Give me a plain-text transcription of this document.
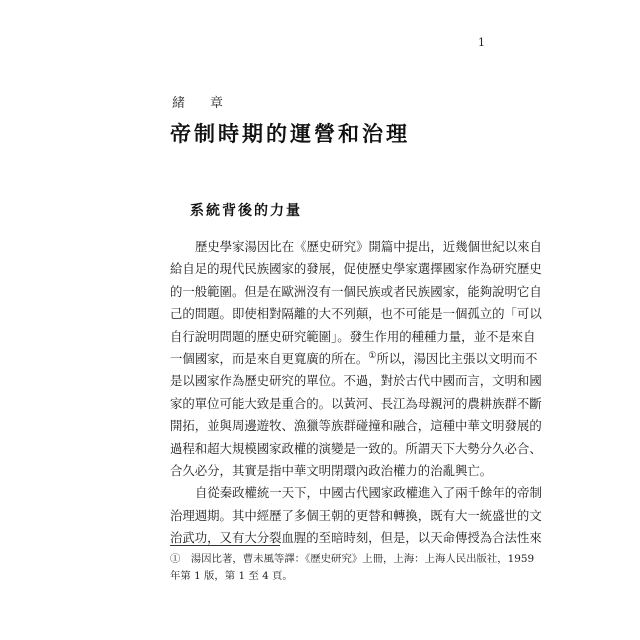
1
緒　章
帝制時期的運營和治理
系統背後的力量
歷史學家湯因比在《歷史研究》開篇中提出，近幾個世紀以來自
給自足的現代民族國家的發展，促使歷史學家選擇國家作為研究歷史
的一般範圍。但是在歐洲沒有一個民族或者民族國家，能夠說明它自
己的問題。即使相對隔離的大不列顛，也不可能是一個孤立的「可以
自行說明問題的歷史研究範圍」。發生作用的種種力量，並不是來自
一個國家，而是來自更寬廣的所在。①所以，湯因比主張以文明而不
是以國家作為歷史研究的單位。不過，對於古代中國而言，文明和國
家的單位可能大致是重合的。以黃河、長江為母親河的農耕族群不斷
開拓，並與周邊遊牧、漁獵等族群碰撞和融合，這種中華文明發展的
過程和超大規模國家政權的演變是一致的。所謂天下大勢分久必合、
合久必分，其實是指中華文明閉環內政治權力的治亂興亡。
自從秦政權統一天下，中國古代國家政權進入了兩千餘年的帝制
治理週期。其中經歷了多個王朝的更替和轉換，既有大一統盛世的文
治武功，又有大分裂血腥的至暗時刻，但是，以天命傳授為合法性來
①　 湯因比著，曹未風等譯：《歷史研究》上冊，上海：上海人民出版社，1959
年第 1 版，第 1 至 4 頁。
